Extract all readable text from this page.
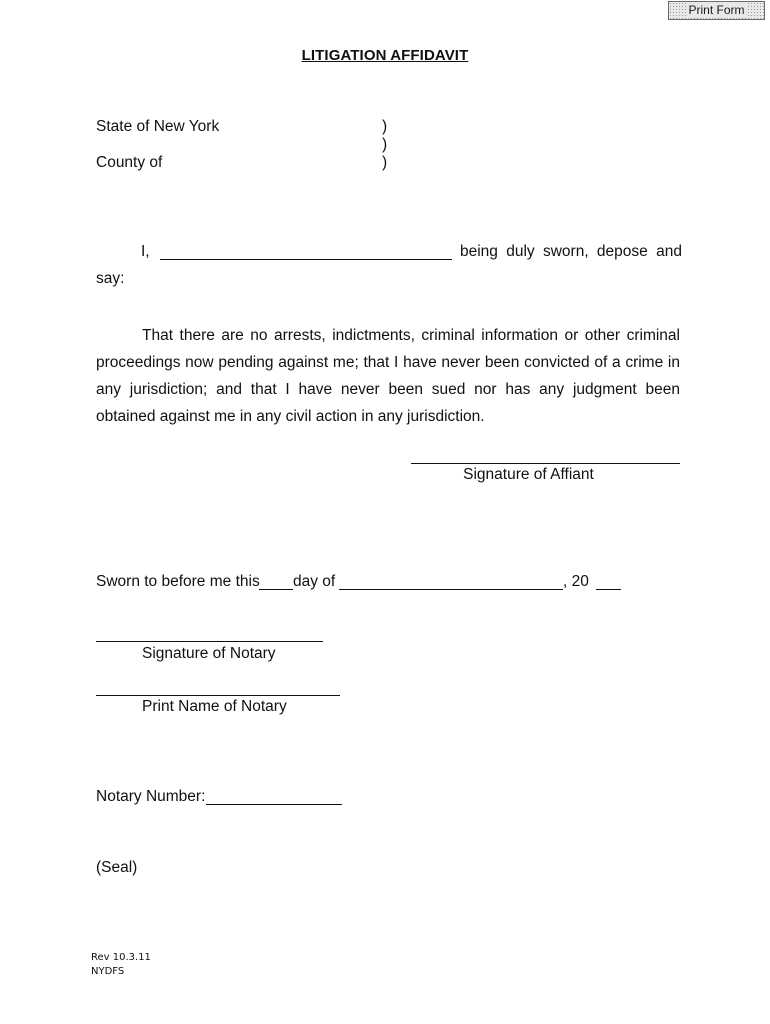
Print Form
LITIGATION AFFIDAVIT
State of New York
County of
)
)
)
I,	being duly sworn, depose and
say:
That there are no arrests, indictments, criminal information or other criminal proceedings now pending against me; that I have never been convicted of a crime in any jurisdiction; and that I have never been sued nor has any judgment been obtained against me in any civil action in any jurisdiction.
Signature of Affiant
Sworn to before me this day of	, 20
Signature of Notary
Print Name of Notary
Notary Number:
(Seal)
Rev 10.3.11
NYDFS
